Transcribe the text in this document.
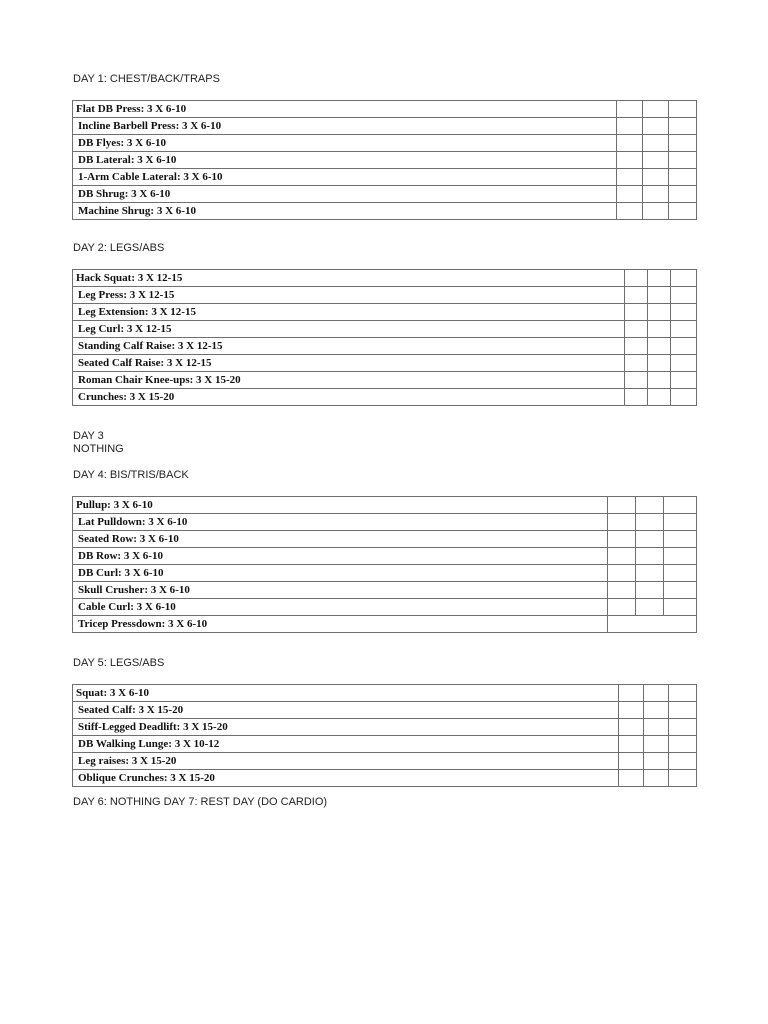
DAY 1: CHEST/BACK/TRAPS
Flat DB Press: 3 X 6-10			
Incline Barbell Press: 3 X 6-10			
DB Flyes: 3 X 6-10			
DB Lateral: 3 X 6-10			
1-Arm Cable Lateral: 3 X 6-10			
DB Shrug: 3 X 6-10			
Machine Shrug: 3 X 6-10			
DAY 2: LEGS/ABS
Hack Squat: 3 X 12-15			
Leg Press: 3 X 12-15			
Leg Extension: 3 X 12-15			
Leg Curl: 3 X 12-15			
Standing Calf Raise: 3 X 12-15			
Seated Calf Raise: 3 X 12-15			
Roman Chair Knee-ups: 3 X 15-20			
Crunches: 3 X 15-20			
DAY 3
NOTHING
DAY 4: BIS/TRIS/BACK
Pullup: 3 X 6-10			
Lat Pulldown: 3 X 6-10			
Seated Row: 3 X 6-10			
DB Row: 3 X 6-10			
DB Curl: 3 X 6-10			
Skull Crusher: 3 X 6-10			
Cable Curl: 3 X 6-10			
Tricep Pressdown: 3 X 6-10			
DAY 5: LEGS/ABS
Squat: 3 X 6-10			
Seated Calf: 3 X 15-20			
Stiff-Legged Deadlift: 3 X 15-20			
DB Walking Lunge: 3 X 10-12			
Leg raises: 3 X 15-20			
Oblique Crunches: 3 X 15-20			
DAY 6: NOTHING DAY 7: REST DAY (DO CARDIO)
